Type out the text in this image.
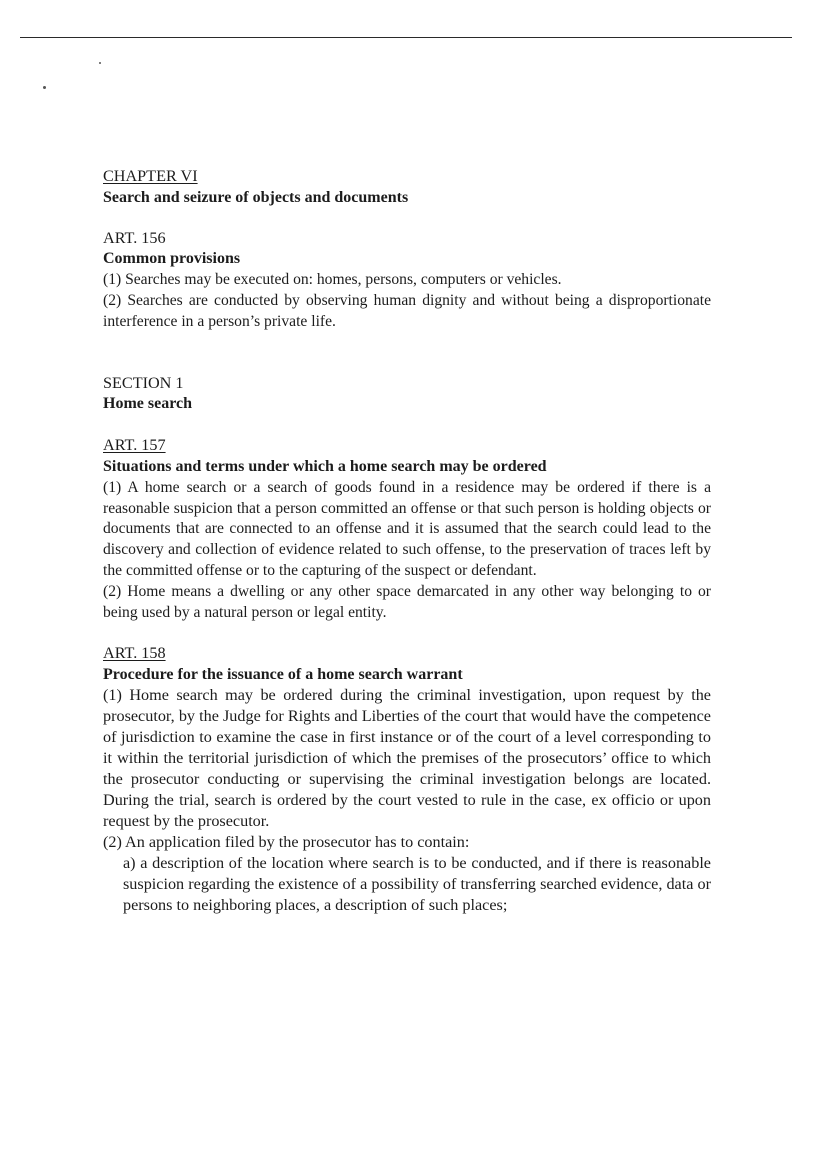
CHAPTER VI
Search and seizure of objects and documents
ART. 156
Common provisions
(1) Searches may be executed on: homes, persons, computers or vehicles.
(2) Searches are conducted by observing human dignity and without being a disproportionate interference in a person’s private life.
SECTION 1
Home search
ART. 157
Situations and terms under which a home search may be ordered
(1) A home search or a search of goods found in a residence may be ordered if there is a reasonable suspicion that a person committed an offense or that such person is holding objects or documents that are connected to an offense and it is assumed that the search could lead to the discovery and collection of evidence related to such offense, to the preservation of traces left by the committed offense or to the capturing of the suspect or defendant.
(2) Home means a dwelling or any other space demarcated in any other way belonging to or being used by a natural person or legal entity.
ART. 158
Procedure for the issuance of a home search warrant
(1) Home search may be ordered during the criminal investigation, upon request by the prosecutor, by the Judge for Rights and Liberties of the court that would have the competence of jurisdiction to examine the case in first instance or of the court of a level corresponding to it within the territorial jurisdiction of which the premises of the prosecutors’ office to which the prosecutor conducting or supervising the criminal investigation belongs are located. During the trial, search is ordered by the court vested to rule in the case, ex officio or upon request by the prosecutor.
(2) An application filed by the prosecutor has to contain:
a) a description of the location where search is to be conducted, and if there is reasonable suspicion regarding the existence of a possibility of transferring searched evidence, data or persons to neighboring places, a description of such places;
